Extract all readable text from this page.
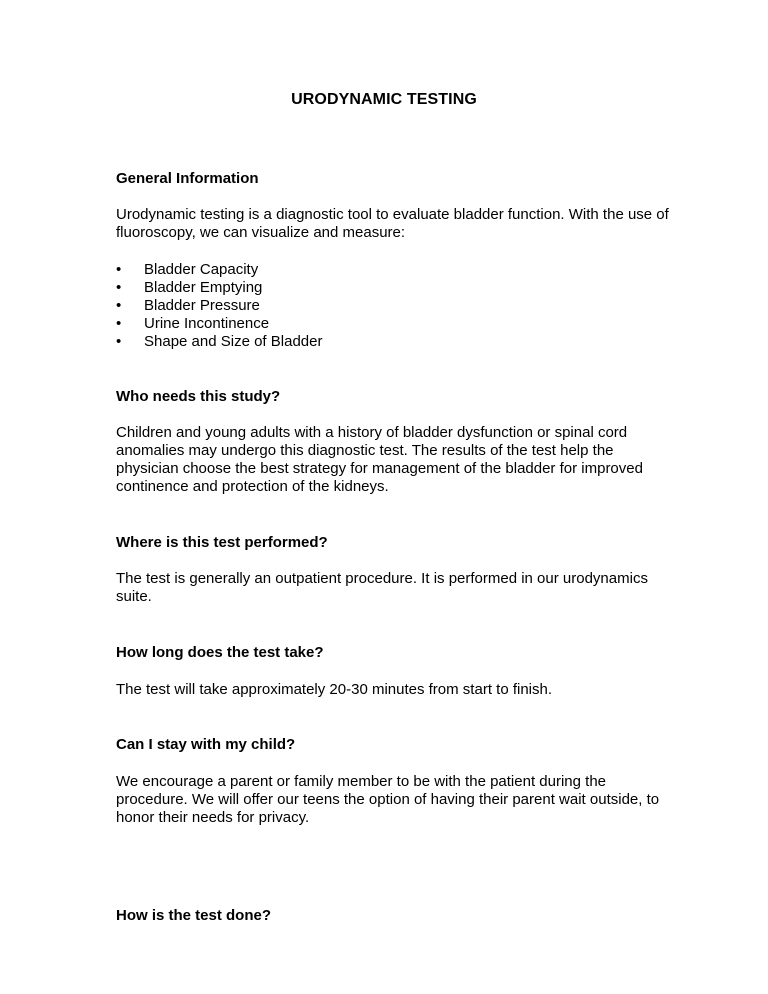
URODYNAMIC TESTING

General Information

Urodynamic testing is a diagnostic tool to evaluate bladder function. With the use of fluoroscopy, we can visualize and measure:

•	Bladder Capacity
•	Bladder Emptying
•	Bladder Pressure
•	Urine Incontinence
•	Shape and Size of Bladder

Who needs this study?

Children and young adults with a history of bladder dysfunction or spinal cord anomalies may undergo this diagnostic test. The results of the test help the physician choose the best strategy for management of the bladder for improved continence and protection of the kidneys.

Where is this test performed?

The test is generally an outpatient procedure. It is performed in our urodynamics suite.

How long does the test take?

The test will take approximately 20-30 minutes from start to finish.

Can I stay with my child?

We encourage a parent or family member to be with the patient during the procedure. We will offer our teens the option of having their parent wait outside, to honor their needs for privacy.

How is the test done?
